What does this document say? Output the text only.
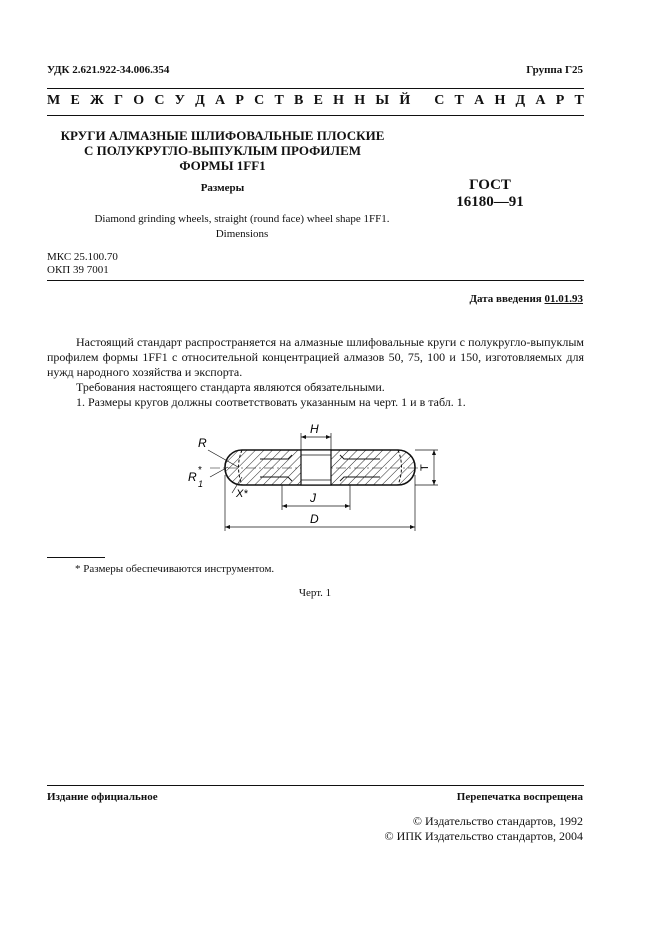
УДК 2.621.922-34.006.354	Группа Г25
М Е Ж Г О С У Д А Р С Т В Е Н Н Ы Й
С Т А Н Д А Р Т
КРУГИ АЛМАЗНЫЕ ШЛИФОВАЛЬНЫЕ ПЛОСКИЕ
С ПОЛУКРУГЛО-ВЫПУКЛЫМ ПРОФИЛЕМ
ФОРМЫ 1FF1
Размеры	ГОСТ
16180—91
Diamond grinding wheels, straight (round face) wheel shape 1FF1.
Dimensions
МКС 25.100.70
ОКП 39 7001
Дата введения 01.01.93

Настоящий стандарт распространяется на алмазные шлифовальные круги с полукругло-выпуклым профилем формы 1FF1 с относительной концентрацией алмазов 50, 75, 100 и 150, изготовляемых для нужд народного хозяйства и экспорта.

Требования настоящего стандарта являются обязательными.

1. Размеры кругов должны соответствовать указанным на черт. 1 и в табл. 1.

H
T
J
D
R
R 1
*
X*
* Размеры обеспечиваются инструментом.
Черт. 1
Издание официальное	Перепечатка воспрещена
© Издательство стандартов, 1992
© ИПК Издательство стандартов, 2004
